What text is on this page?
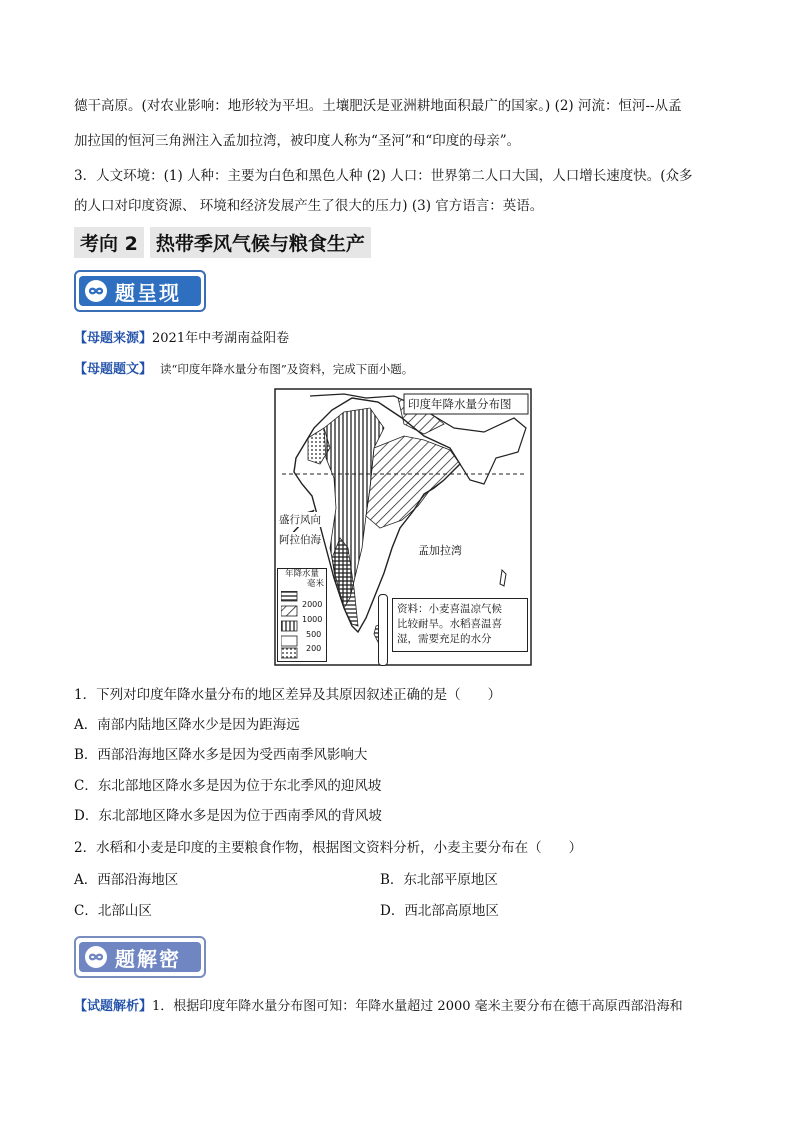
德干高原。(对农业影响：地形较为平坦。土壤肥沃是亚洲耕地面积最广的国家。) (2) 河流：恒河--从孟
加拉国的恒河三角洲注入孟加拉湾，被印度人称为“圣河”和“印度的母亲”。
3．人文环境：(1) 人种：主要为白色和黑色人种 (2) 人口：世界第二人口大国，人口增长速度快。(众多
的人口对印度资源、 环境和经济发展产生了很大的压力) (3) 官方语言：英语。
考向 2 热带季风气候与粮食生产
题呈现
【母题来源】2021年中考湖南益阳卷
【母题题文】 读“印度年降水量分布图”及资料，完成下面小题。
印度年降水量分布图
盛行风向
阿拉伯海
孟加拉湾
年降水量
毫米
2000
1000
500
200
资料：小麦喜温凉气候
比较耐旱。水稻喜温喜
湿，需要充足的水分
1．下列对印度年降水量分布的地区差异及其原因叙述正确的是（　　）
A．南部内陆地区降水少是因为距海远
B．西部沿海地区降水多是因为受西南季风影响大
C．东北部地区降水多是因为位于东北季风的迎风坡
D．东北部地区降水多是因为位于西南季风的背风坡
2．水稻和小麦是印度的主要粮食作物，根据图文资料分析，小麦主要分布在（　　）
A．西部沿海地区	B．东北部平原地区
C．北部山区	D．西北部高原地区
题解密
【试题解析】1．根据印度年降水量分布图可知：年降水量超过 2000 毫米主要分布在德干高原西部沿海和
